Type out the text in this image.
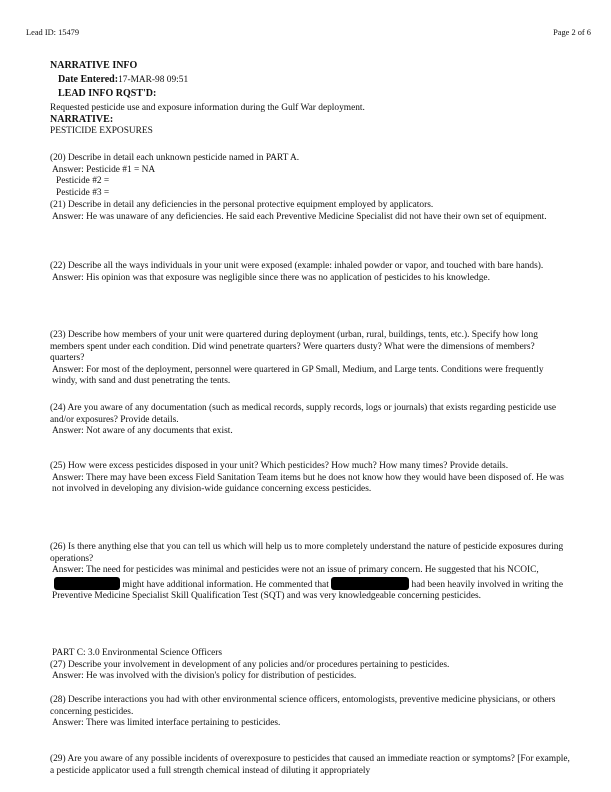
Lead ID: 15479	Page 2 of 6
NARRATIVE INFO
Date Entered:17-MAR-98 09:51
LEAD INFO RQST'D:
Requested pesticide use and exposure information during the Gulf War deployment.
NARRATIVE:
PESTICIDE EXPOSURES

(20) Describe in detail each unknown pesticide named in PART A.

Answer: Pesticide #1 = NA

Pesticide #2 =

Pesticide #3 =

(21) Describe in detail any deficiencies in the personal protective equipment employed by applicators.

Answer: He was unaware of any deficiencies. He said each Preventive Medicine Specialist did not have their own set of equipment.

(22) Describe all the ways individuals in your unit were exposed (example: inhaled powder or vapor, and touched with bare hands).

Answer: His opinion was that exposure was negligible since there was no application of pesticides to his knowledge.

(23) Describe how members of your unit were quartered during deployment (urban, rural, buildings, tents, etc.). Specify how long members spent under each condition. Did wind penetrate quarters? Were quarters dusty? What were the dimensions of members? quarters?

Answer: For most of the deployment, personnel were quartered in GP Small, Medium, and Large tents. Conditions were frequently windy, with sand and dust penetrating the tents.

(24) Are you aware of any documentation (such as medical records, supply records, logs or journals) that exists regarding pesticide use and/or exposures? Provide details.

Answer: Not aware of any documents that exist.

(25) How were excess pesticides disposed in your unit? Which pesticides? How much? How many times? Provide details.

Answer: There may have been excess Field Sanitation Team items but he does not know how they would have been disposed of. He was not involved in developing any division-wide guidance concerning excess pesticides.

(26) Is there anything else that you can tell us which will help us to more completely understand the nature of pesticide exposures during operations?

Answer: The need for pesticides was minimal and pesticides were not an issue of primary concern. He suggested that his NCOIC,  might have additional information. He commented that	had been heavily involved in writing the Preventive Medicine Specialist Skill Qualification Test (SQT) and was very knowledgeable concerning pesticides.

PART C: 3.0 Environmental Science Officers

(27) Describe your involvement in development of any policies and/or procedures pertaining to pesticides.

Answer: He was involved with the division's policy for distribution of pesticides.

(28) Describe interactions you had with other environmental science officers, entomologists, preventive medicine physicians, or others concerning pesticides.

Answer: There was limited interface pertaining to pesticides.

(29) Are you aware of any possible incidents of overexposure to pesticides that caused an immediate reaction or symptoms? [For example, a pesticide applicator used a full strength chemical instead of diluting it appropriately
